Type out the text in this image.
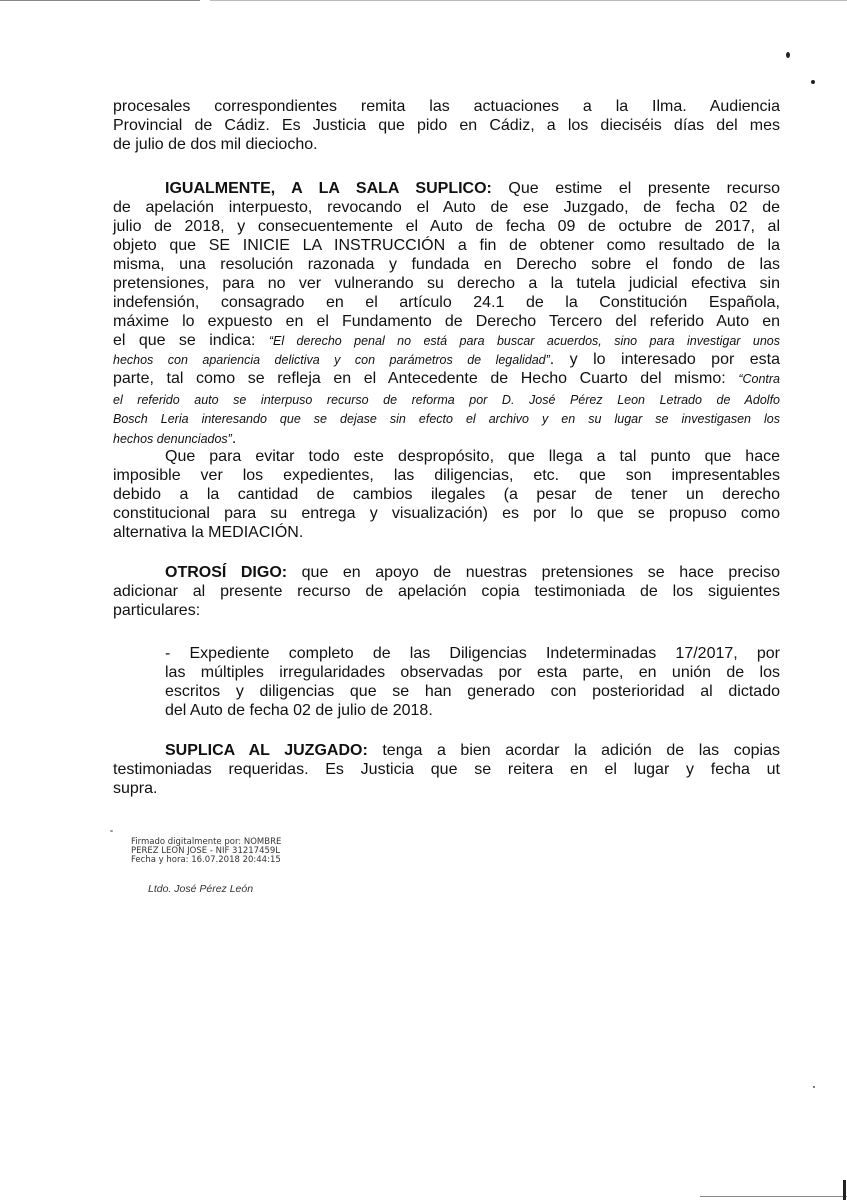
procesales correspondientes remita las actuaciones a la Ilma. Audiencia
Provincial de Cádiz. Es Justicia que pido en Cádiz, a los dieciséis días del mes
de julio de dos mil dieciocho.
IGUALMENTE, A LA SALA SUPLICO: Que estime el presente recurso
de apelación interpuesto, revocando el Auto de ese Juzgado, de fecha 02 de
julio de 2018, y consecuentemente el Auto de fecha 09 de octubre de 2017, al
objeto que SE INICIE LA INSTRUCCIÓN a fin de obtener como resultado de la
misma, una resolución razonada y fundada en Derecho sobre el fondo de las
pretensiones, para no ver vulnerando su derecho a la tutela judicial efectiva sin
indefensión, consagrado en el artículo 24.1 de la Constitución Española,
máxime lo expuesto en el Fundamento de Derecho Tercero del referido Auto en
el que se indica: “El derecho penal no está para buscar acuerdos, sino para investigar unos
hechos con apariencia delictiva y con parámetros de legalidad”. y lo interesado por esta
parte, tal como se refleja en el Antecedente de Hecho Cuarto del mismo: “Contra
el referido auto se interpuso recurso de reforma por D. José Pérez Leon Letrado de Adolfo
Bosch Leria interesando que se dejase sin efecto el archivo y en su lugar se investigasen los
hechos denunciados”.
Que para evitar todo este despropósito, que llega a tal punto que hace
imposible ver los expedientes, las diligencias, etc. que son impresentables
debido a la cantidad de cambios ilegales (a pesar de tener un derecho
constitucional para su entrega y visualización) es por lo que se propuso como
alternativa la MEDIACIÓN.
OTROSÍ DIGO: que en apoyo de nuestras pretensiones se hace preciso
adicionar al presente recurso de apelación copia testimoniada de los siguientes
particulares:
- Expediente completo de las Diligencias Indeterminadas 17/2017, por
las múltiples irregularidades observadas por esta parte, en unión de los
escritos y diligencias que se han generado con posterioridad al dictado
del Auto de fecha 02 de julio de 2018.
SUPLICA AL JUZGADO: tenga a bien acordar la adición de las copias
testimoniadas requeridas. Es Justicia que se reitera en el lugar y fecha ut
supra.
Firmado digitalmente por: NOMBRE
PEREZ LEON JOSE - NIF 31217459L
Fecha y hora: 16.07.2018 20:44:15
Ltdo. José Pérez León
